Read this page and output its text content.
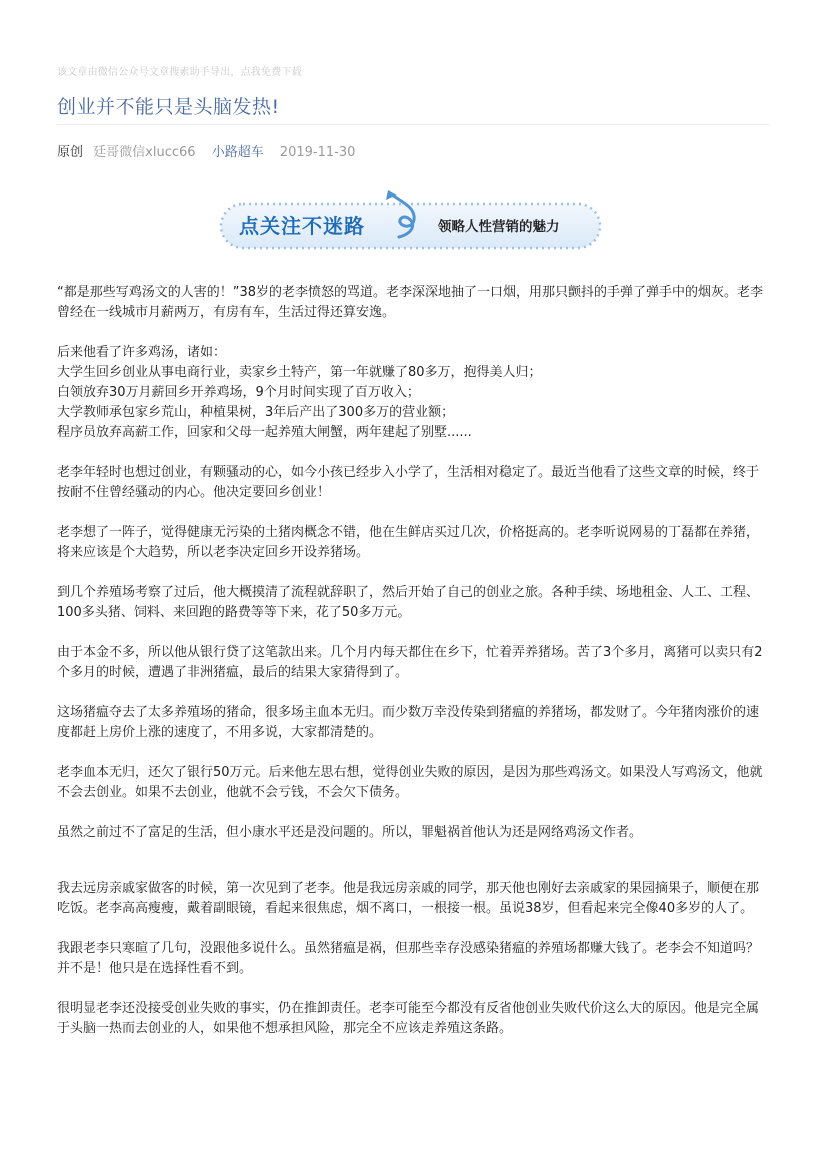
该文章由微信公众号文章搜索助手导出，点我免费下载
创业并不能只是头脑发热!
原创 廷哥微信xlucc66 小路超车 2019-11-30
点关注不迷路	领略人性营销的魅力

“都是那些写鸡汤文的人害的！”38岁的老李愤怒的骂道。老李深深地抽了一口烟，用那只颤抖的手弹了弹手中的烟灰。老李曾经在一线城市月薪两万，有房有车，生活过得还算安逸。

后来他看了许多鸡汤，诸如：
大学生回乡创业从事电商行业，卖家乡土特产，第一年就赚了80多万，抱得美人归；
白领放弃30万月薪回乡开养鸡场，9个月时间实现了百万收入；
大学教师承包家乡荒山，种植果树，3年后产出了300多万的营业额；
程序员放弃高薪工作，回家和父母一起养殖大闸蟹，两年建起了别墅......

老李年轻时也想过创业，有颗骚动的心，如今小孩已经步入小学了，生活相对稳定了。最近当他看了这些文章的时候，终于按耐不住曾经骚动的内心。他决定要回乡创业！

老李想了一阵子，觉得健康无污染的土猪肉概念不错，他在生鲜店买过几次，价格挺高的。老李听说网易的丁磊都在养猪，将来应该是个大趋势，所以老李决定回乡开设养猪场。

到几个养殖场考察了过后，他大概摸清了流程就辞职了，然后开始了自己的创业之旅。各种手续、场地租金、人工、工程、100多头猪、饲料、来回跑的路费等等下来，花了50多万元。

由于本金不多，所以他从银行贷了这笔款出来。几个月内每天都住在乡下，忙着弄养猪场。苦了3个多月，离猪可以卖只有2个多月的时候，遭遇了非洲猪瘟，最后的结果大家猜得到了。

这场猪瘟夺去了太多养殖场的猪命，很多场主血本无归。而少数万幸没传染到猪瘟的养猪场，都发财了。今年猪肉涨价的速度都赶上房价上涨的速度了，不用多说，大家都清楚的。

老李血本无归，还欠了银行50万元。后来他左思右想，觉得创业失败的原因，是因为那些鸡汤文。如果没人写鸡汤文，他就不会去创业。如果不去创业，他就不会亏钱，不会欠下债务。

虽然之前过不了富足的生活，但小康水平还是没问题的。所以，罪魁祸首他认为还是网络鸡汤文作者。

我去远房亲戚家做客的时候，第一次见到了老李。他是我远房亲戚的同学，那天他也刚好去亲戚家的果园摘果子，顺便在那吃饭。老李高高瘦瘦，戴着副眼镜，看起来很焦虑，烟不离口，一根接一根。虽说38岁，但看起来完全像40多岁的人了。

我跟老李只寒暄了几句，没跟他多说什么。虽然猪瘟是祸，但那些幸存没感染猪瘟的养殖场都赚大钱了。老李会不知道吗？并不是！他只是在选择性看不到。

很明显老李还没接受创业失败的事实，仍在推卸责任。老李可能至今都没有反省他创业失败代价这么大的原因。他是完全属于头脑一热而去创业的人，如果他不想承担风险，那完全不应该走养殖这条路。
